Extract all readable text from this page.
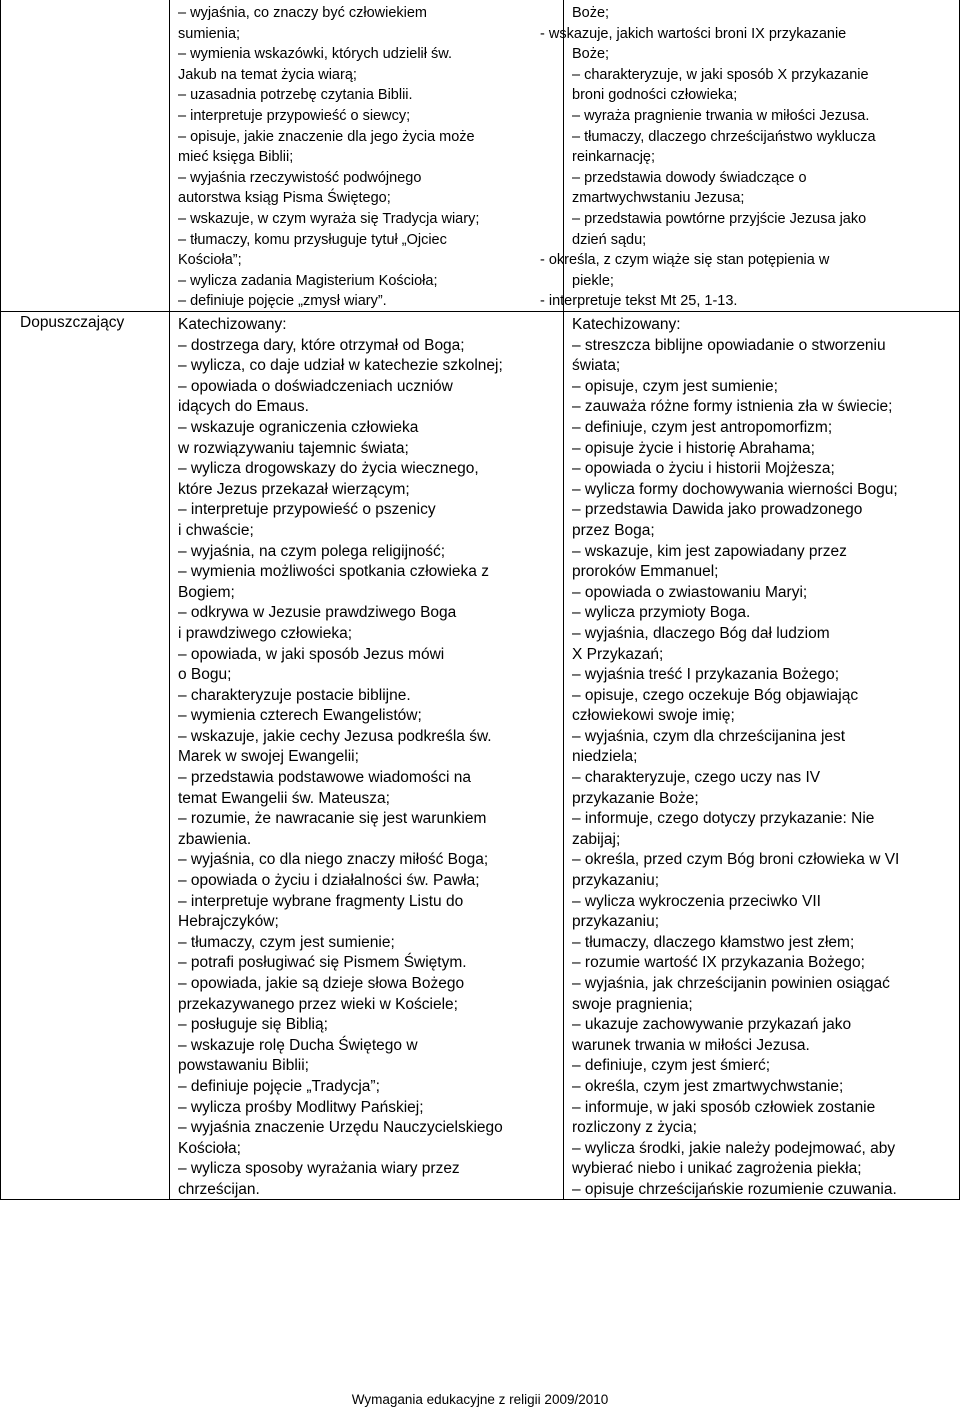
Dopuszczający
– wyjaśnia, co znaczy być człowiekiem
sumienia;
– wymienia wskazówki, których udzielił św.
Jakub na temat życia wiarą;
– uzasadnia potrzebę czytania Biblii.
– interpretuje przypowieść o siewcy;
– opisuje, jakie znaczenie dla jego życia może
mieć księga Biblii;
– wyjaśnia rzeczywistość podwójnego
autorstwa ksiąg Pisma Świętego;
– wskazuje, w czym wyraża się Tradycja wiary;
– tłumaczy, komu przysługuje tytuł „Ojciec
Kościoła”;
– wylicza zadania Magisterium Kościoła;
– definiuje pojęcie „zmysł wiary”.
Boże;
- wskazuje, jakich wartości broni IX przykazanie
Boże;
– charakteryzuje, w jaki sposób X przykazanie
broni godności człowieka;
– wyraża pragnienie trwania w miłości Jezusa.
– tłumaczy, dlaczego chrześcijaństwo wyklucza
reinkarnację;
– przedstawia dowody świadczące o
zmartwychwstaniu Jezusa;
– przedstawia powtórne przyjście Jezusa jako
dzień sądu;
- określa, z czym wiąże się stan potępienia w
piekle;
- interpretuje tekst Mt 25, 1-13.
Katechizowany:
– dostrzega dary, które otrzymał od Boga;
– wylicza, co daje udział w katechezie szkolnej;
– opowiada o doświadczeniach uczniów
idących do Emaus.
– wskazuje ograniczenia człowieka
w rozwiązywaniu tajemnic świata;
– wylicza drogowskazy do życia wiecznego,
które Jezus przekazał wierzącym;
– interpretuje przypowieść o pszenicy
i chwaście;
– wyjaśnia, na czym polega religijność;
– wymienia możliwości spotkania człowieka z
Bogiem;
– odkrywa w Jezusie prawdziwego Boga
i prawdziwego człowieka;
– opowiada, w jaki sposób Jezus mówi
o Bogu;
– charakteryzuje postacie biblijne.
– wymienia czterech Ewangelistów;
– wskazuje, jakie cechy Jezusa podkreśla św.
Marek w swojej Ewangelii;
– przedstawia podstawowe wiadomości na
temat Ewangelii św. Mateusza;
– rozumie, że nawracanie się jest warunkiem
zbawienia.
– wyjaśnia, co dla niego znaczy miłość Boga;
– opowiada o życiu i działalności św. Pawła;
– interpretuje wybrane fragmenty Listu do
Hebrajczyków;
– tłumaczy, czym jest sumienie;
– potrafi posługiwać się Pismem Świętym.
– opowiada, jakie są dzieje słowa Bożego
przekazywanego przez wieki w Kościele;
– posługuje się Biblią;
– wskazuje rolę Ducha Świętego w
powstawaniu Biblii;
– definiuje pojęcie „Tradycja”;
– wylicza prośby Modlitwy Pańskiej;
– wyjaśnia znaczenie Urzędu Nauczycielskiego
Kościoła;
– wylicza sposoby wyrażania wiary przez
chrześcijan.
Katechizowany:
– streszcza biblijne opowiadanie o stworzeniu
świata;
– opisuje, czym jest sumienie;
– zauważa różne formy istnienia zła w świecie;
– definiuje, czym jest antropomorfizm;
– opisuje życie i historię Abrahama;
– opowiada o życiu i historii Mojżesza;
– wylicza formy dochowywania wierności Bogu;
– przedstawia Dawida jako prowadzonego
przez Boga;
– wskazuje, kim jest zapowiadany przez
proroków Emmanuel;
– opowiada o zwiastowaniu Maryi;
– wylicza przymioty Boga.
– wyjaśnia, dlaczego Bóg dał ludziom
X Przykazań;
– wyjaśnia treść I przykazania Bożego;
– opisuje, czego oczekuje Bóg objawiając
człowiekowi swoje imię;
– wyjaśnia, czym dla chrześcijanina jest
niedziela;
– charakteryzuje, czego uczy nas IV
przykazanie Boże;
– informuje, czego dotyczy przykazanie: Nie
zabijaj;
– określa, przed czym Bóg broni człowieka w VI
przykazaniu;
– wylicza wykroczenia przeciwko VII
przykazaniu;
– tłumaczy, dlaczego kłamstwo jest złem;
– rozumie wartość IX przykazania Bożego;
– wyjaśnia, jak chrześcijanin powinien osiągać
swoje pragnienia;
– ukazuje zachowywanie przykazań jako
warunek trwania w miłości Jezusa.
– definiuje, czym jest śmierć;
– określa, czym jest zmartwychwstanie;
– informuje, w jaki sposób człowiek zostanie
rozliczony z życia;
– wylicza środki, jakie należy podejmować, aby
wybierać niebo i unikać zagrożenia piekła;
– opisuje chrześcijańskie rozumienie czuwania.
Wymagania edukacyjne z religii 2009/2010
